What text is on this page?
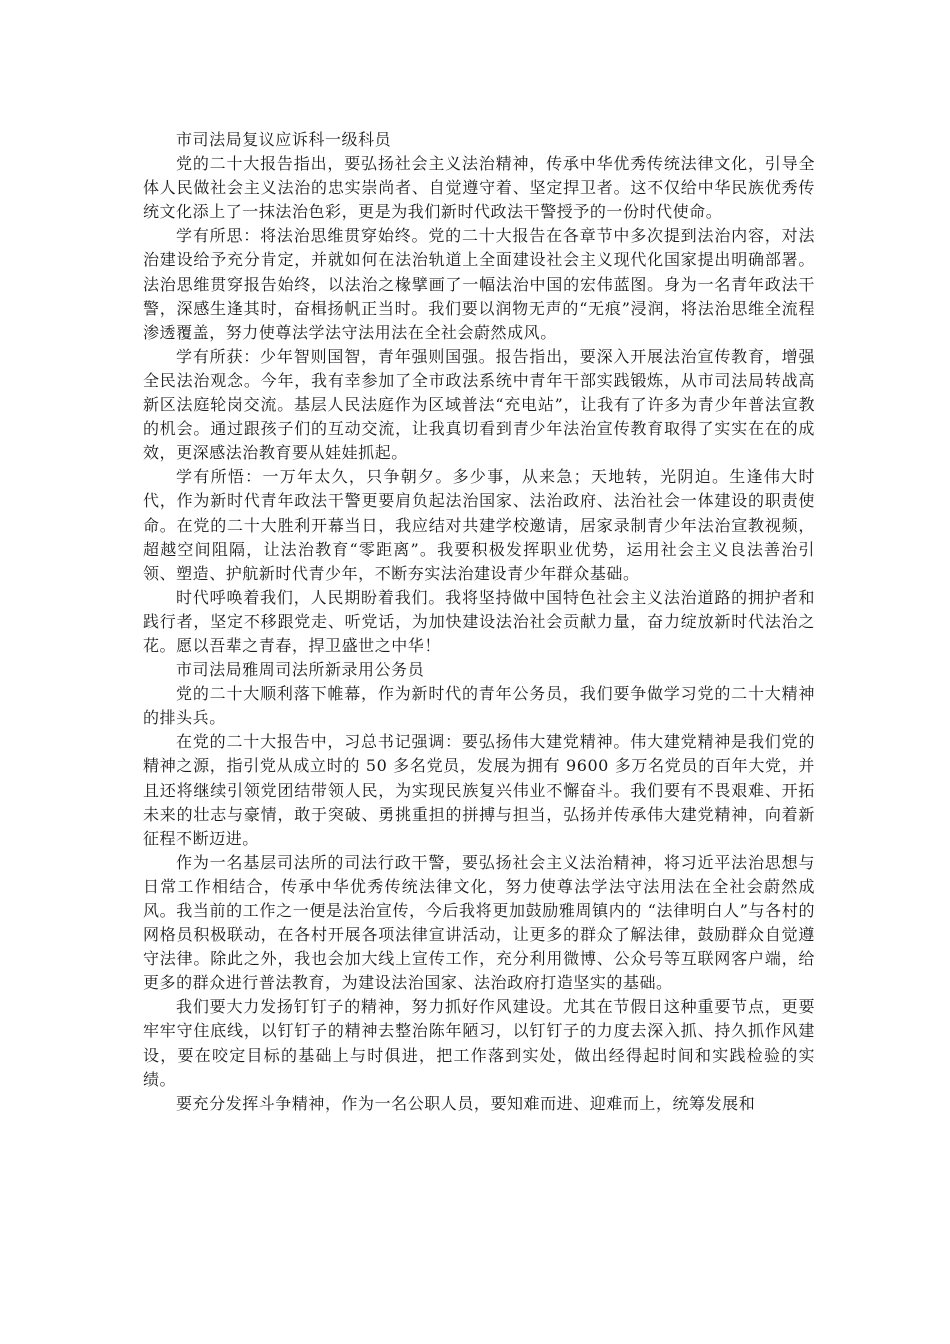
市司法局复议应诉科一级科员

党的二十大报告指出，要弘扬社会主义法治精神，传承中华优秀传统法律文化，引导全体人民做社会主义法治的忠实崇尚者、自觉遵守着、坚定捍卫者。这不仅给中华民族优秀传统文化添上了一抹法治色彩，更是为我们新时代政法干警授予的一份时代使命。

学有所思：将法治思维贯穿始终。党的二十大报告在各章节中多次提到法治内容，对法治建设给予充分肯定，并就如何在法治轨道上全面建设社会主义现代化国家提出明确部署。法治思维贯穿报告始终，以法治之椽擘画了一幅法治中国的宏伟蓝图。身为一名青年政法干警，深感生逢其时，奋楫扬帆正当时。我们要以润物无声的“无痕”浸润，将法治思维全流程渗透覆盖，努力使尊法学法守法用法在全社会蔚然成风。

学有所获：少年智则国智，青年强则国强。报告指出，要深入开展法治宣传教育，增强全民法治观念。今年，我有幸参加了全市政法系统中青年干部实践锻炼，从市司法局转战高新区法庭轮岗交流。基层人民法庭作为区域普法“充电站”，让我有了许多为青少年普法宣教的机会。通过跟孩子们的互动交流，让我真切看到青少年法治宣传教育取得了实实在在的成效，更深感法治教育要从娃娃抓起。

学有所悟：一万年太久，只争朝夕。多少事，从来急；天地转，光阴迫。生逢伟大时代，作为新时代青年政法干警更要肩负起法治国家、法治政府、法治社会一体建设的职责使命。在党的二十大胜利开幕当日，我应结对共建学校邀请，居家录制青少年法治宣教视频，超越空间阻隔，让法治教育“零距离”。我要积极发挥职业优势，运用社会主义良法善治引领、塑造、护航新时代青少年，不断夯实法治建设青少年群众基础。

时代呼唤着我们，人民期盼着我们。我将坚持做中国特色社会主义法治道路的拥护者和践行者，坚定不移跟党走、听党话，为加快建设法治社会贡献力量，奋力绽放新时代法治之花。愿以吾辈之青春，捍卫盛世之中华！

市司法局雅周司法所新录用公务员

党的二十大顺利落下帷幕，作为新时代的青年公务员，我们要争做学习党的二十大精神的排头兵。

在党的二十大报告中，习总书记强调：要弘扬伟大建党精神。伟大建党精神是我们党的精神之源，指引党从成立时的 50 多名党员，发展为拥有 9600 多万名党员的百年大党，并且还将继续引领党团结带领人民，为实现民族复兴伟业不懈奋斗。我们要有不畏艰难、开拓未来的壮志与豪情，敢于突破、勇挑重担的拼搏与担当，弘扬并传承伟大建党精神，向着新征程不断迈进。

作为一名基层司法所的司法行政干警，要弘扬社会主义法治精神，将习近平法治思想与日常工作相结合，传承中华优秀传统法律文化，努力使尊法学法守法用法在全社会蔚然成风。我当前的工作之一便是法治宣传，今后我将更加鼓励雅周镇内的 “法律明白人”与各村的网格员积极联动，在各村开展各项法律宣讲活动，让更多的群众了解法律，鼓励群众自觉遵守法律。除此之外，我也会加大线上宣传工作，充分利用微博、公众号等互联网客户端，给更多的群众进行普法教育，为建设法治国家、法治政府打造坚实的基础。

我们要大力发扬钉钉子的精神，努力抓好作风建设。尤其在节假日这种重要节点，更要牢牢守住底线，以钉钉子的精神去整治陈年陋习，以钉钉子的力度去深入抓、持久抓作风建设，要在咬定目标的基础上与时俱进，把工作落到实处，做出经得起时间和实践检验的实绩。

要充分发挥斗争精神，作为一名公职人员，要知难而进、迎难而上，统筹发展和
